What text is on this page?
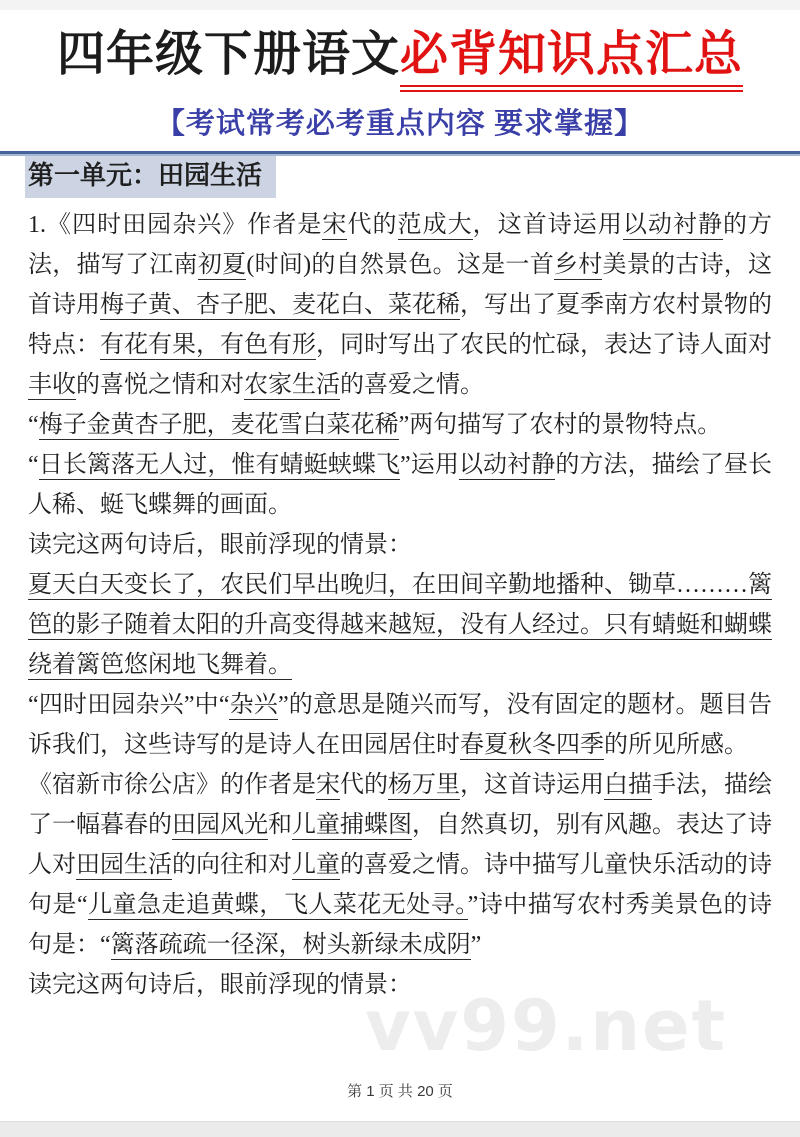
四年级下册语文必背知识点汇总
【考试常考必考重点内容 要求掌握】
第一单元：田园生活

1.《四时田园杂兴》作者是宋代的范成大，这首诗运用以动衬静的方法，描写了江南初夏(时间)的自然景色。这是一首乡村美景的古诗，这首诗用梅子黄、杏子肥、麦花白、菜花稀，写出了夏季南方农村景物的特点：有花有果，有色有形，同时写出了农民的忙碌，表达了诗人面对丰收的喜悦之情和对农家生活的喜爱之情。

“梅子金黄杏子肥，麦花雪白菜花稀”两句描写了农村的景物特点。

“日长篱落无人过，惟有蜻蜓蛱蝶飞”运用以动衬静的方法，描绘了昼长人稀、蜓飞蝶舞的画面。

读完这两句诗后，眼前浮现的情景：

夏天白天变长了，农民们早出晚归，在田间辛勤地播种、锄草………篱笆的影子随着太阳的升高变得越来越短，没有人经过。只有蜻蜓和蝴蝶绕着篱笆悠闲地飞舞着。

“四时田园杂兴”中“杂兴”的意思是随兴而写，没有固定的题材。题目告诉我们，这些诗写的是诗人在田园居住时春夏秋冬四季的所见所感。

《宿新市徐公店》的作者是宋代的杨万里，这首诗运用白描手法，描绘了一幅暮春的田园风光和儿童捕蝶图，自然真切，别有风趣。表达了诗人对田园生活的向往和对儿童的喜爱之情。诗中描写儿童快乐活动的诗句是“儿童急走追黄蝶，飞人菜花无处寻。”诗中描写农村秀美景色的诗句是：“篱落疏疏一径深，树头新绿未成阴”

读完这两句诗后，眼前浮现的情景：

vv99.net
第 1 页 共 20 页
